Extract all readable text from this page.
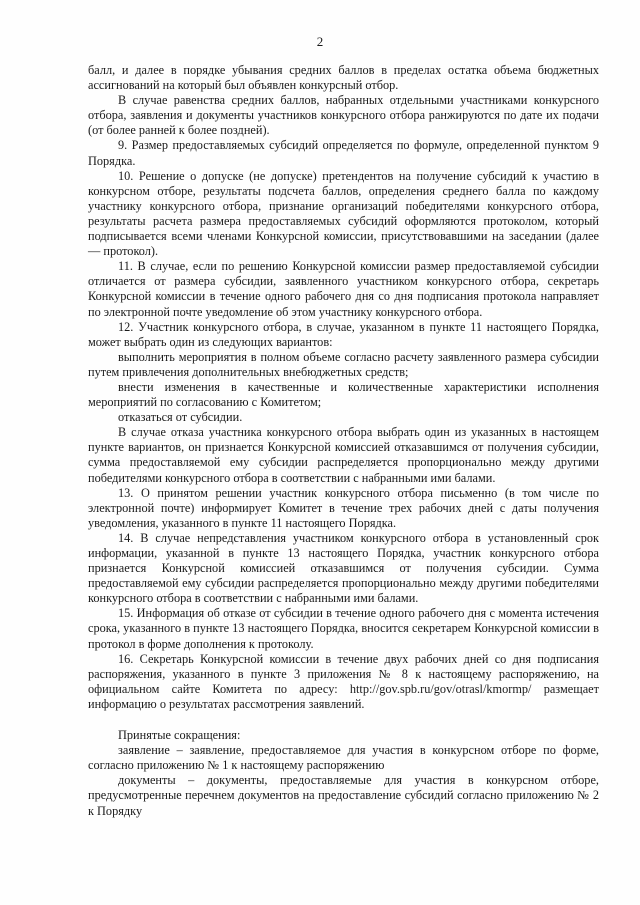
2

балл, и далее в порядке убывания средних баллов в пределах остатка объема бюджетных ассигнований на который был объявлен конкурсный отбор.

В случае равенства средних баллов, набранных отдельными участниками конкурсного отбора, заявления и документы участников конкурсного отбора ранжируются по дате их подачи (от более ранней к более поздней).

9. Размер предоставляемых субсидий определяется по формуле, определенной пунктом 9 Порядка.

10. Решение о допуске (не допуске) претендентов на получение субсидий к участию в конкурсном отборе, результаты подсчета баллов, определения среднего балла по каждому участнику конкурсного отбора, признание организаций победителями конкурсного отбора, результаты расчета размера предоставляемых субсидий оформляются протоколом, который подписывается всеми членами Конкурсной комиссии, присутствовавшими на заседании (далее — протокол).

11. В случае, если по решению Конкурсной комиссии размер предоставляемой субсидии отличается от размера субсидии, заявленного участником конкурсного отбора, секретарь Конкурсной комиссии в течение одного рабочего дня со дня подписания протокола направляет по электронной почте уведомление об этом участнику конкурсного отбора.

12. Участник конкурсного отбора, в случае, указанном в пункте 11 настоящего Порядка, может выбрать один из следующих вариантов:

выполнить мероприятия в полном объеме согласно расчету заявленного размера субсидии путем привлечения дополнительных внебюджетных средств;

внести изменения в качественные и количественные характеристики исполнения мероприятий по согласованию с Комитетом;

отказаться от субсидии.

В случае отказа участника конкурсного отбора выбрать один из указанных в настоящем пункте вариантов, он признается Конкурсной комиссией отказавшимся от получения субсидии, сумма предоставляемой ему субсидии распределяется пропорционально между другими победителями конкурсного отбора в соответствии с набранными ими балами.

13. О принятом решении участник конкурсного отбора письменно (в том числе по электронной почте) информирует Комитет в течение трех рабочих дней с даты получения уведомления, указанного в пункте 11 настоящего Порядка.

14. В случае непредставления участником конкурсного отбора в установленный срок информации, указанной в пункте 13 настоящего Порядка, участник конкурсного отбора признается Конкурсной комиссией отказавшимся от получения субсидии. Сумма предоставляемой ему субсидии распределяется пропорционально между другими победителями конкурсного отбора в соответствии с набранными ими балами.

15. Информация об отказе от субсидии в течение одного рабочего дня с момента истечения срока, указанного в пункте 13 настоящего Порядка, вносится секретарем Конкурсной комиссии в протокол в форме дополнения к протоколу.

16. Секретарь Конкурсной комиссии в течение двух рабочих дней со дня подписания распоряжения, указанного в пункте 3 приложения № 8 к настоящему распоряжению, на официальном сайте Комитета по адресу: http://gov.spb.ru/gov/otrasl/kmormp/ размещает информацию о результатах рассмотрения заявлений.

Принятые сокращения:

заявление – заявление, предоставляемое для участия в конкурсном отборе по форме, согласно приложению № 1 к настоящему распоряжению

документы – документы, предоставляемые для участия в конкурсном отборе, предусмотренные перечнем документов на предоставление субсидий согласно приложению № 2 к Порядку
